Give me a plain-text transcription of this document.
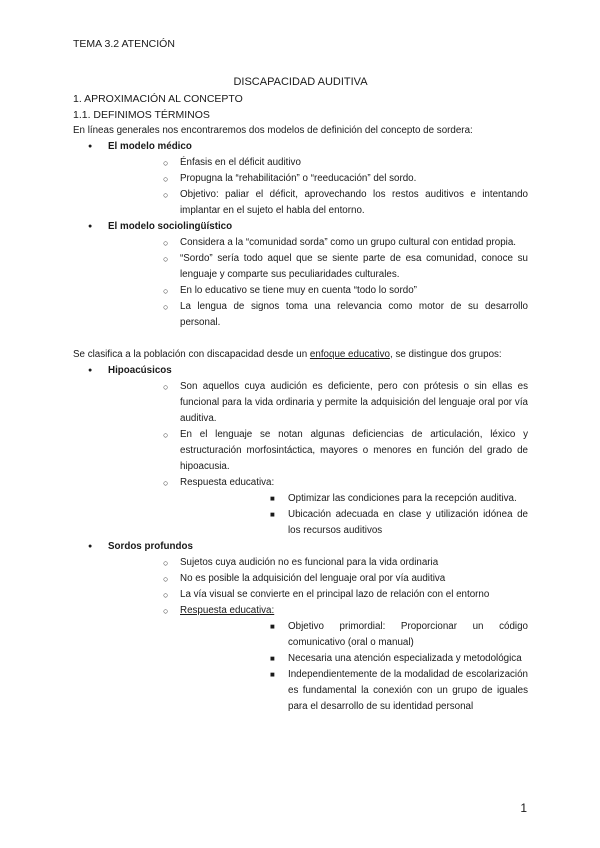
TEMA 3.2 ATENCIÓN
DISCAPACIDAD AUDITIVA
1. APROXIMACIÓN AL CONCEPTO
1.1. DEFINIMOS TÉRMINOS

En líneas generales nos encontraremos dos modelos de definición del concepto de sordera:

● El modelo médico
○ Énfasis en el déficit auditivo
○ Propugna la “rehabilitación” o “reeducación” del sordo.
○ Objetivo: paliar el déficit, aprovechando los restos auditivos e intentando implantar en el sujeto el habla del entorno.
● El modelo sociolingüístico
○ Considera a la “comunidad sorda” como un grupo cultural con entidad propia.
○ “Sordo” sería todo aquel que se siente parte de esa comunidad, conoce su lenguaje y comparte sus peculiaridades culturales.
○ En lo educativo se tiene muy en cuenta “todo lo sordo”
○ La lengua de signos toma una relevancia como motor de su desarrollo personal.

Se clasifica a la población con discapacidad desde un enfoque educativo, se distingue dos grupos:

● Hipoacúsicos
○ Son aquellos cuya audición es deficiente, pero con prótesis o sin ellas es funcional para la vida ordinaria y permite la adquisición del lenguaje oral por vía auditiva.
○ En el lenguaje se notan algunas deficiencias de articulación, léxico y estructuración morfosintáctica, mayores o menores en función del grado de hipoacusia.
○ Respuesta educativa:
■ Optimizar las condiciones para la recepción auditiva.
■ Ubicación adecuada en clase y utilización idónea de los recursos auditivos
● Sordos profundos
○ Sujetos cuya audición no es funcional para la vida ordinaria
○ No es posible la adquisición del lenguaje oral por vía auditiva
○ La vía visual se convierte en el principal lazo de relación con el entorno
○ Respuesta educativa:
■ Objetivo primordial: Proporcionar un código comunicativo (oral o manual)
■ Necesaria una atención especializada y metodológica
■ Independientemente de la modalidad de escolarización es fundamental la conexión con un grupo de iguales para el desarrollo de su identidad personal
1
